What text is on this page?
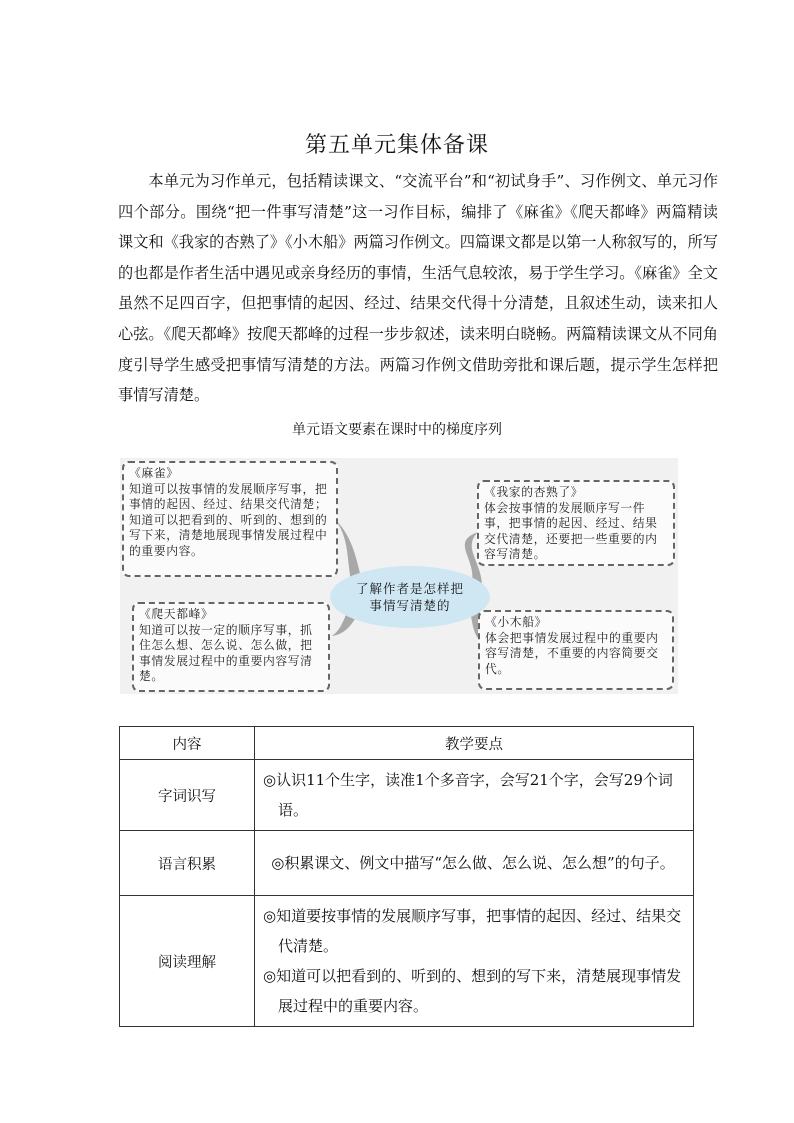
第五单元集体备课

本单元为习作单元，包括精读课文、“交流平台”和“初试身手”、习作例文、单元习作四个部分。围绕“把一件事写清楚”这一习作目标，编排了《麻雀》《爬天都峰》两篇精读课文和《我家的杏熟了》《小木船》两篇习作例文。四篇课文都是以第一人称叙写的，所写的也都是作者生活中遇见或亲身经历的事情，生活气息较浓，易于学生学习。《麻雀》全文虽然不足四百字，但把事情的起因、经过、结果交代得十分清楚，且叙述生动，读来扣人心弦。《爬天都峰》按爬天都峰的过程一步步叙述，读来明白晓畅。两篇精读课文从不同角度引导学生感受把事情写清楚的方法。两篇习作例文借助旁批和课后题，提示学生怎样把事情写清楚。

单元语文要素在课时中的梯度序列
《麻雀》
知道可以按事情的发展顺序写事，把事情的起因、经过、结果交代清楚；知道可以把看到的、听到的、想到的写下来，清楚地展现事情发展过程中的重要内容。
《我家的杏熟了》
体会按事情的发展顺序写一件事，把事情的起因、经过、结果交代清楚，还要把一些重要的内容写清楚。
了解作者是怎样把事情写清楚的
《爬天都峰》
知道可以按一定的顺序写事，抓住怎么想、怎么说、怎么做，把事情发展过程中的重要内容写清楚。
《小木船》
体会把事情发展过程中的重要内容写清楚，不重要的内容简要交代。
内容	教学要点
字词识写	◎认识11个生字，读准1个多音字，会写21个字，会写29个词语。

语言积累	◎积累课文、例文中描写“怎么做、怎么说、怎么想”的句子。

阅读理解	◎知道要按事情的发展顺序写事，把事情的起因、经过、结果交代清楚。
◎知道可以把看到的、听到的、想到的写下来，清楚展现事情发展过程中的重要内容。
